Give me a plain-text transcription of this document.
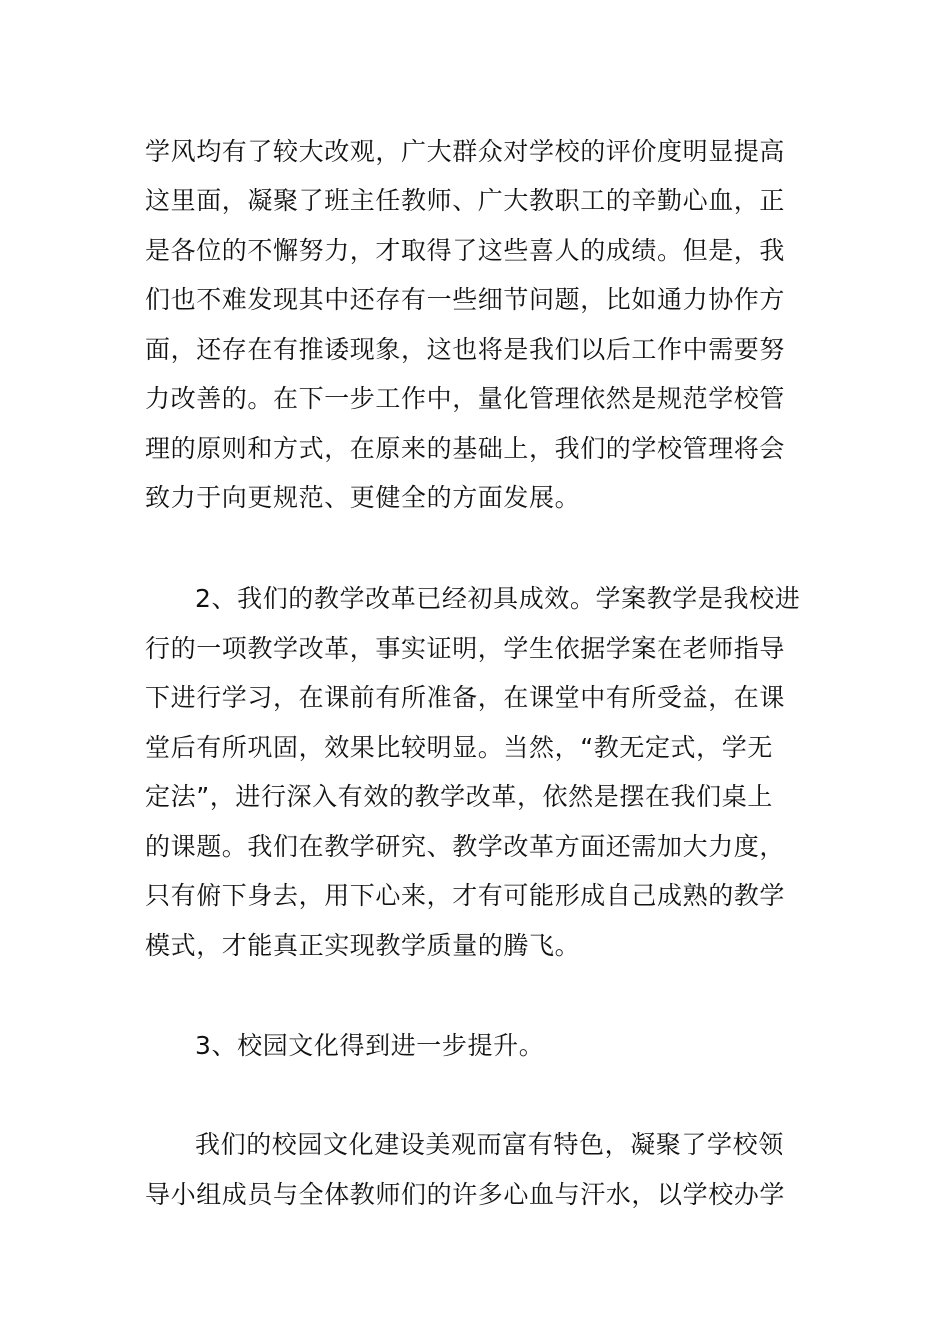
学风均有了较大改观，广大群众对学校的评价度明显提高
这里面，凝聚了班主任教师、广大教职工的辛勤心血，正
是各位的不懈努力，才取得了这些喜人的成绩。但是，我
们也不难发现其中还存有一些细节问题，比如通力协作方
面，还存在有推诿现象，这也将是我们以后工作中需要努
力改善的。在下一步工作中，量化管理依然是规范学校管
理的原则和方式，在原来的基础上，我们的学校管理将会
致力于向更规范、更健全的方面发展。
2、我们的教学改革已经初具成效。学案教学是我校进
行的一项教学改革，事实证明，学生依据学案在老师指导
下进行学习，在课前有所准备，在课堂中有所受益，在课
堂后有所巩固，效果比较明显。当然，“教无定式，学无
定法”，进行深入有效的教学改革，依然是摆在我们桌上
的课题。我们在教学研究、教学改革方面还需加大力度，
只有俯下身去，用下心来，才有可能形成自己成熟的教学
模式，才能真正实现教学质量的腾飞。
3、校园文化得到进一步提升。
我们的校园文化建设美观而富有特色，凝聚了学校领
导小组成员与全体教师们的许多心血与汗水，以学校办学
